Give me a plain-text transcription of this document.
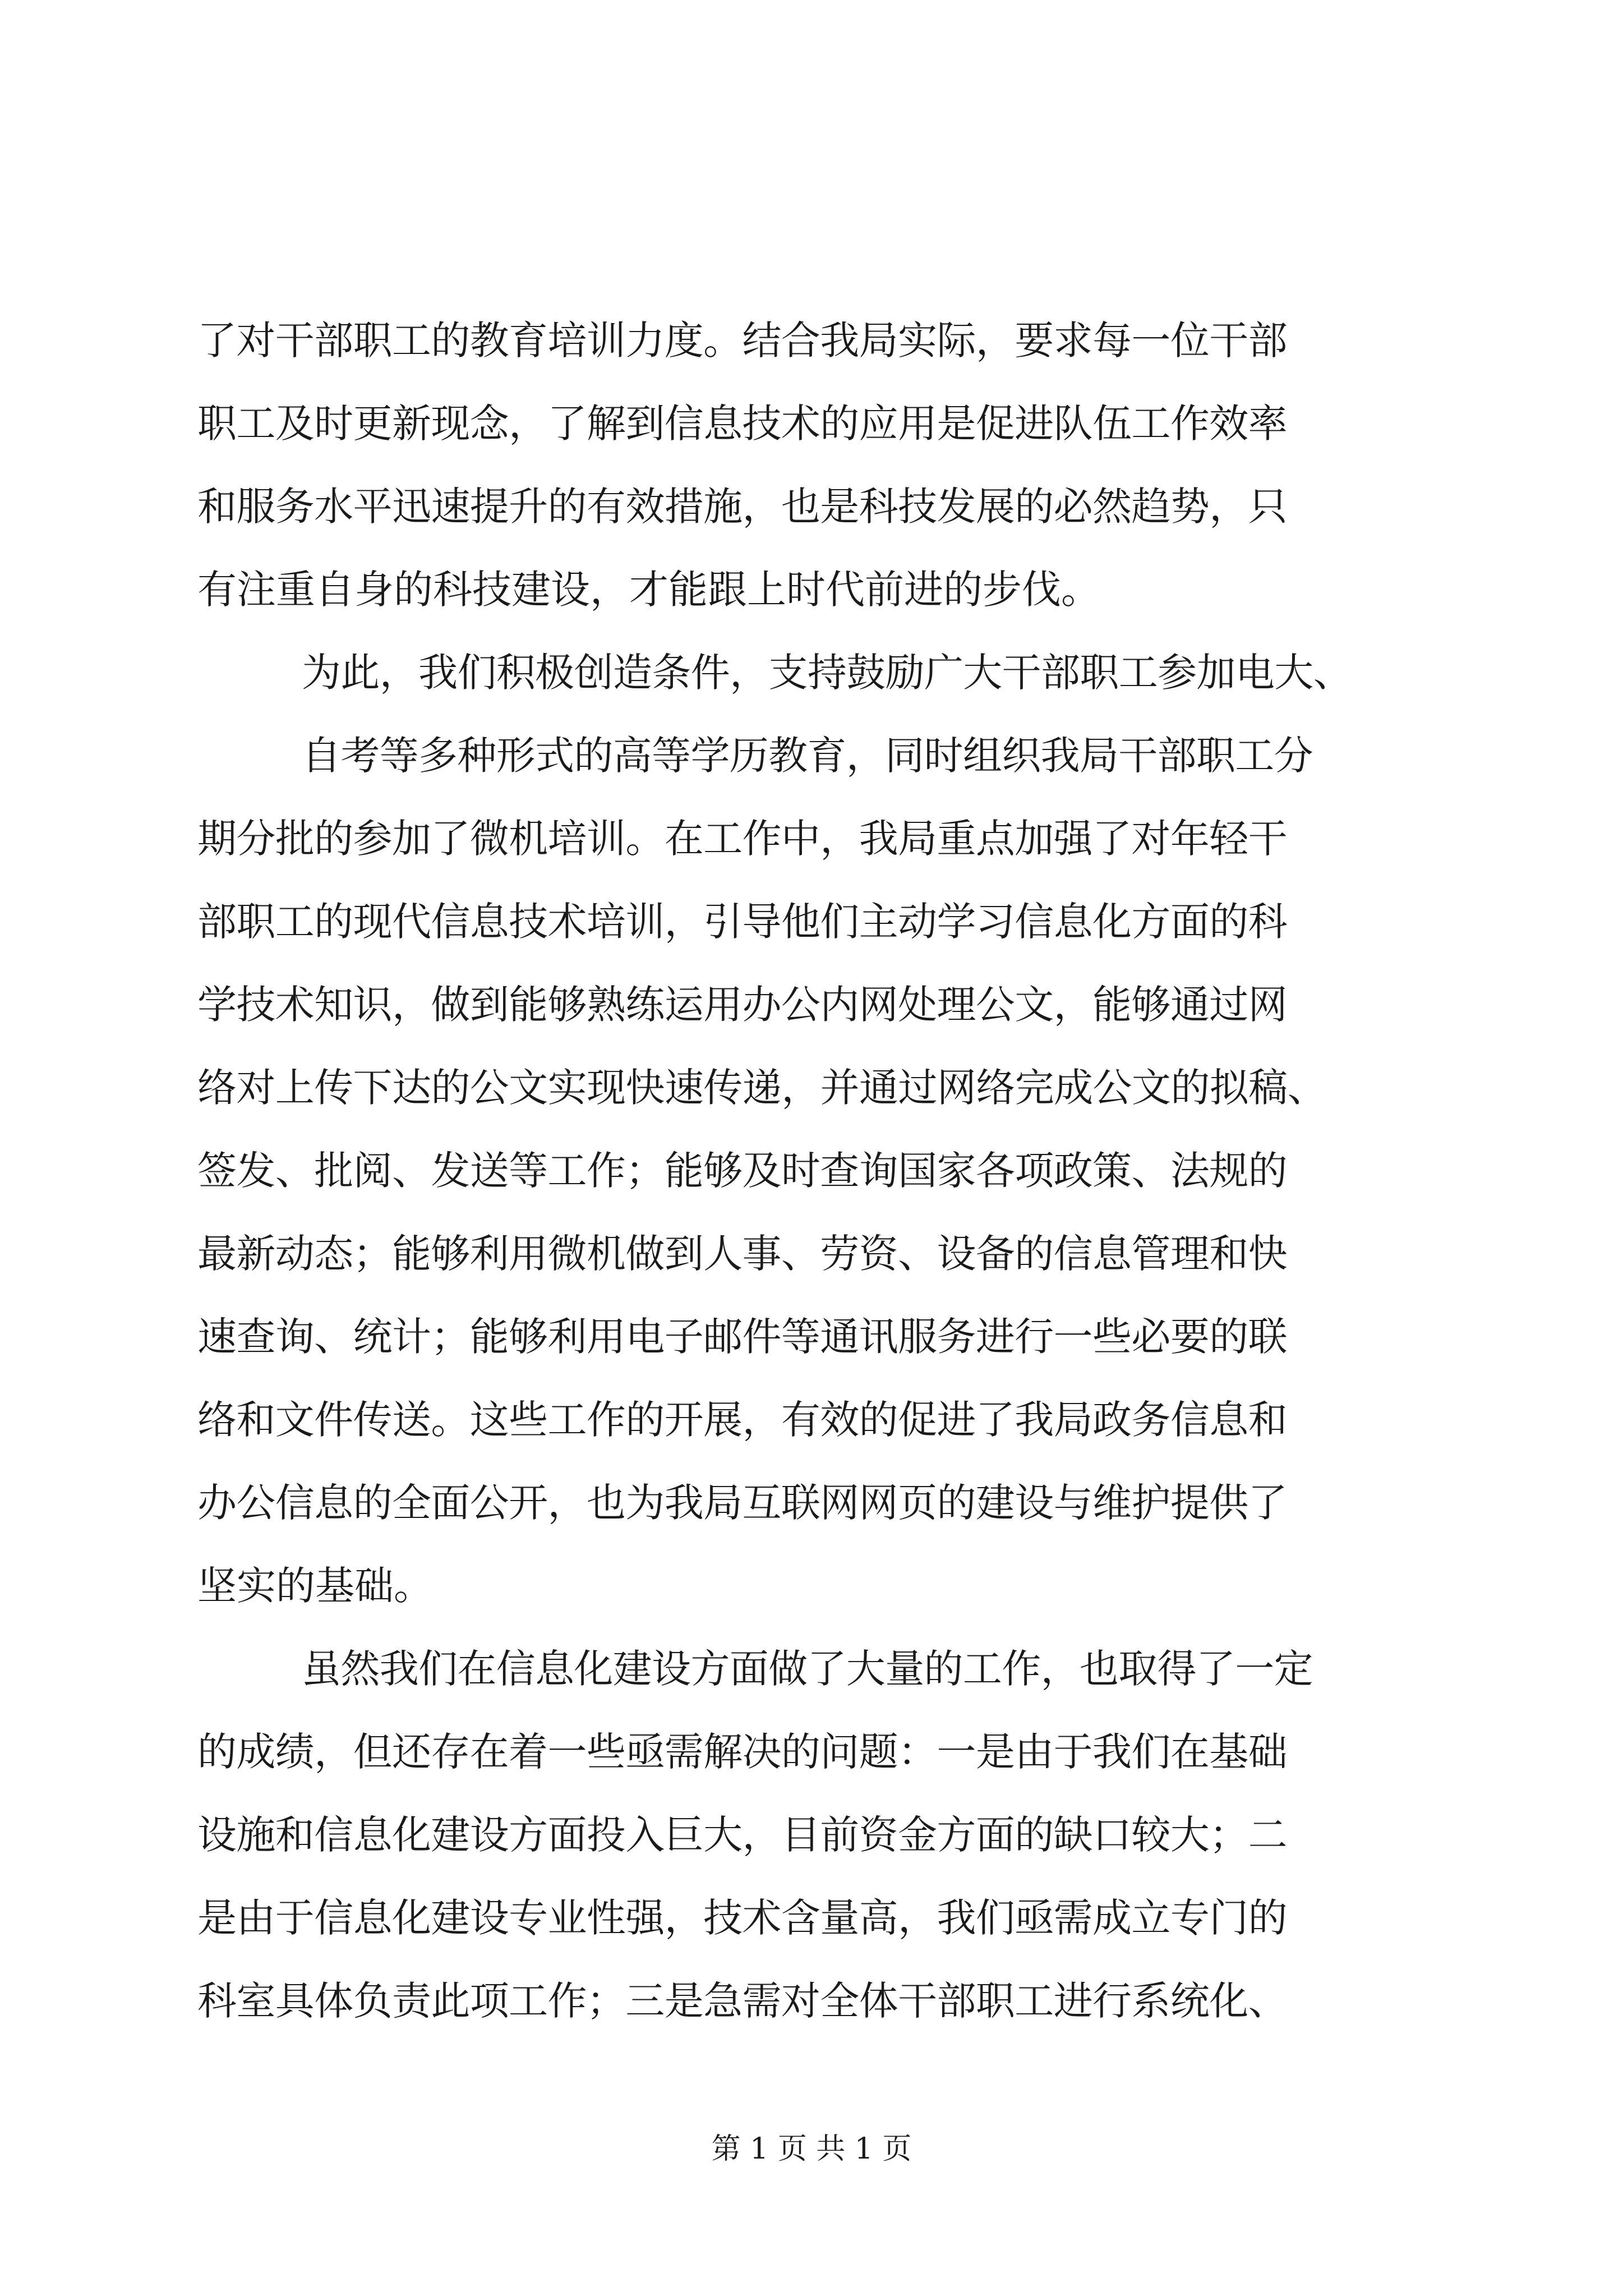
了对干部职工的教育培训力度。结合我局实际，要求每一位干部
职工及时更新现念，了解到信息技术的应用是促进队伍工作效率
和服务水平迅速提升的有效措施，也是科技发展的必然趋势，只
有注重自身的科技建设，才能跟上时代前进的步伐。
为此，我们积极创造条件，支持鼓励广大干部职工参加电大、
自考等多种形式的高等学历教育，同时组织我局干部职工分
期分批的参加了微机培训。在工作中，我局重点加强了对年轻干
部职工的现代信息技术培训，引导他们主动学习信息化方面的科
学技术知识，做到能够熟练运用办公内网处理公文，能够通过网
络对上传下达的公文实现快速传递，并通过网络完成公文的拟稿、
签发、批阅、发送等工作；能够及时查询国家各项政策、法规的
最新动态；能够利用微机做到人事、劳资、设备的信息管理和快
速查询、统计；能够利用电子邮件等通讯服务进行一些必要的联
络和文件传送。这些工作的开展，有效的促进了我局政务信息和
办公信息的全面公开，也为我局互联网网页的建设与维护提供了
坚实的基础。
虽然我们在信息化建设方面做了大量的工作，也取得了一定
的成绩，但还存在着一些亟需解决的问题：一是由于我们在基础
设施和信息化建设方面投入巨大，目前资金方面的缺口较大；二
是由于信息化建设专业性强，技术含量高，我们亟需成立专门的
科室具体负责此项工作；三是急需对全体干部职工进行系统化、
第 1 页 共 1 页
